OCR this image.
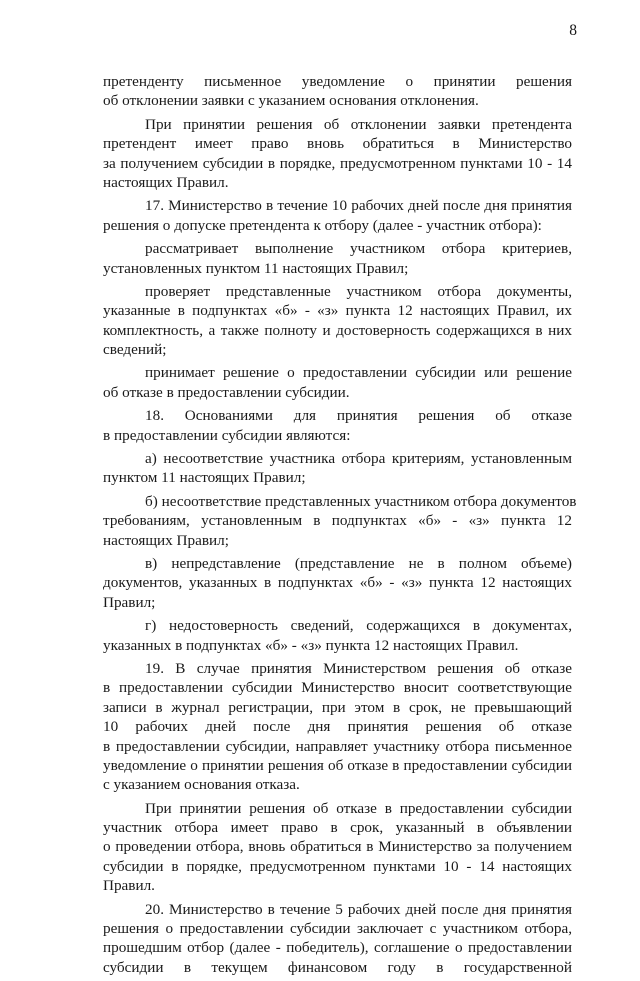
8
претенденту письменное уведомление о принятии решения
об отклонении заявки с указанием основания отклонения.
При принятии решения об отклонении заявки претендента
претендент имеет право вновь обратиться в Министерство
за получением субсидии в порядке, предусмотренном пунктами 10 - 14
настоящих Правил.
17. Министерство в течение 10 рабочих дней после дня принятия
решения о допуске претендента к отбору (далее - участник отбора):
рассматривает выполнение участником отбора критериев,
установленных пунктом 11 настоящих Правил;
проверяет представленные участником отбора документы,
указанные в подпунктах «б» - «з» пункта 12 настоящих Правил, их
комплектность, а также полноту и достоверность содержащихся в них
сведений;
принимает решение о предоставлении субсидии или решение
об отказе в предоставлении субсидии.
18. Основаниями для принятия решения об отказе
в предоставлении субсидии являются:
а) несоответствие участника отбора критериям, установленным
пунктом 11 настоящих Правил;
б) несоответствие представленных участником отбора документов
требованиям, установленным в подпунктах «б» - «з» пункта 12
настоящих Правил;
в) непредставление (представление не в полном объеме)
документов, указанных в подпунктах «б» - «з» пункта 12 настоящих
Правил;
г) недостоверность сведений, содержащихся в документах,
указанных в подпунктах «б» - «з» пункта 12 настоящих Правил.
19. В случае принятия Министерством решения об отказе
в предоставлении субсидии Министерство вносит соответствующие
записи в журнал регистрации, при этом в срок, не превышающий
10 рабочих дней после дня принятия решения об отказе
в предоставлении субсидии, направляет участнику отбора письменное
уведомление о принятии решения об отказе в предоставлении субсидии
с указанием основания отказа.
При принятии решения об отказе в предоставлении субсидии
участник отбора имеет право в срок, указанный в объявлении
о проведении отбора, вновь обратиться в Министерство за получением
субсидии в порядке, предусмотренном пунктами 10 - 14 настоящих
Правил.
20. Министерство в течение 5 рабочих дней после дня принятия
решения о предоставлении субсидии заключает с участником отбора,
прошедшим отбор (далее - победитель), соглашение о предоставлении
субсидии в текущем финансовом году в государственной
